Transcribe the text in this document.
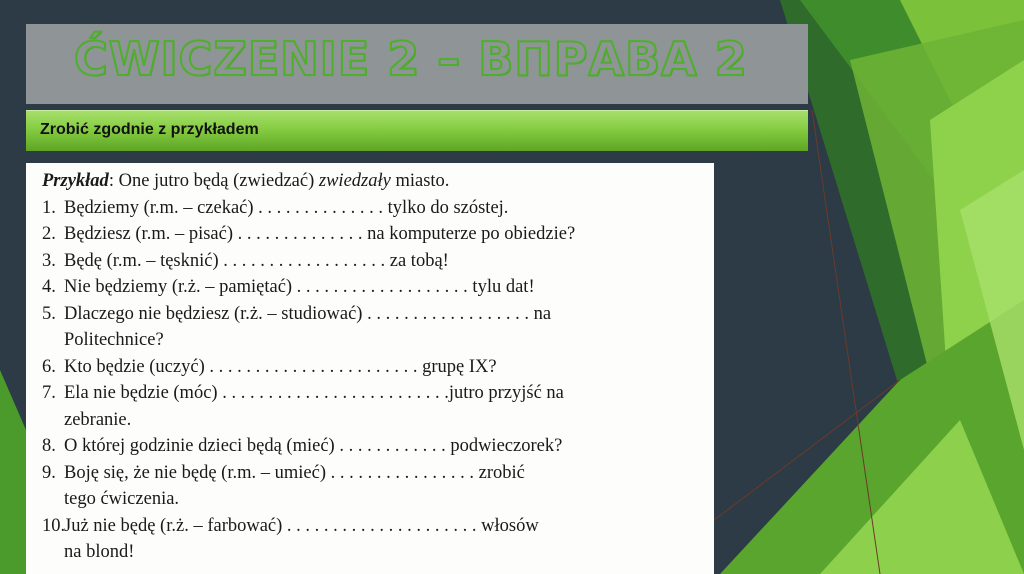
ĆWICZENIE 2 – ВПРАВА 2
Zrobić zgodnie z przykładem
Przykład: One jutro będą (zwiedzać) zwiedzały miasto.
1. Będziemy (r.m. – czekać) . . . . . . . . . . . . . . tylko do szóstej.
2. Będziesz (r.m. – pisać) . . . . . . . . . . . . . . na komputerze po obiedzie?
3. Będę (r.m. – tęsknić) . . . . . . . . . . . . . . . . . . za tobą!
4. Nie będziemy (r.ż. – pamiętać) . . . . . . . . . . . . . . . . . . . tylu dat!
5. Dlaczego nie będziesz (r.ż. – studiować) . . . . . . . . . . . . . . . . . . na
Politechnice?
6. Kto będzie (uczyć) . . . . . . . . . . . . . . . . . . . . . . . grupę IX?
7. Ela nie będzie (móc) . . . . . . . . . . . . . . . . . . . . . . . . .jutro przyjść na
zebranie.
8. O której godzinie dzieci będą (mieć) . . . . . . . . . . . . podwieczorek?
9. Boję się, że nie będę (r.m. – umieć) . . . . . . . . . . . . . . . . zrobić
tego ćwiczenia.
10.Już nie będę (r.ż. – farbować) . . . . . . . . . . . . . . . . . . . . . włosów
na blond!
